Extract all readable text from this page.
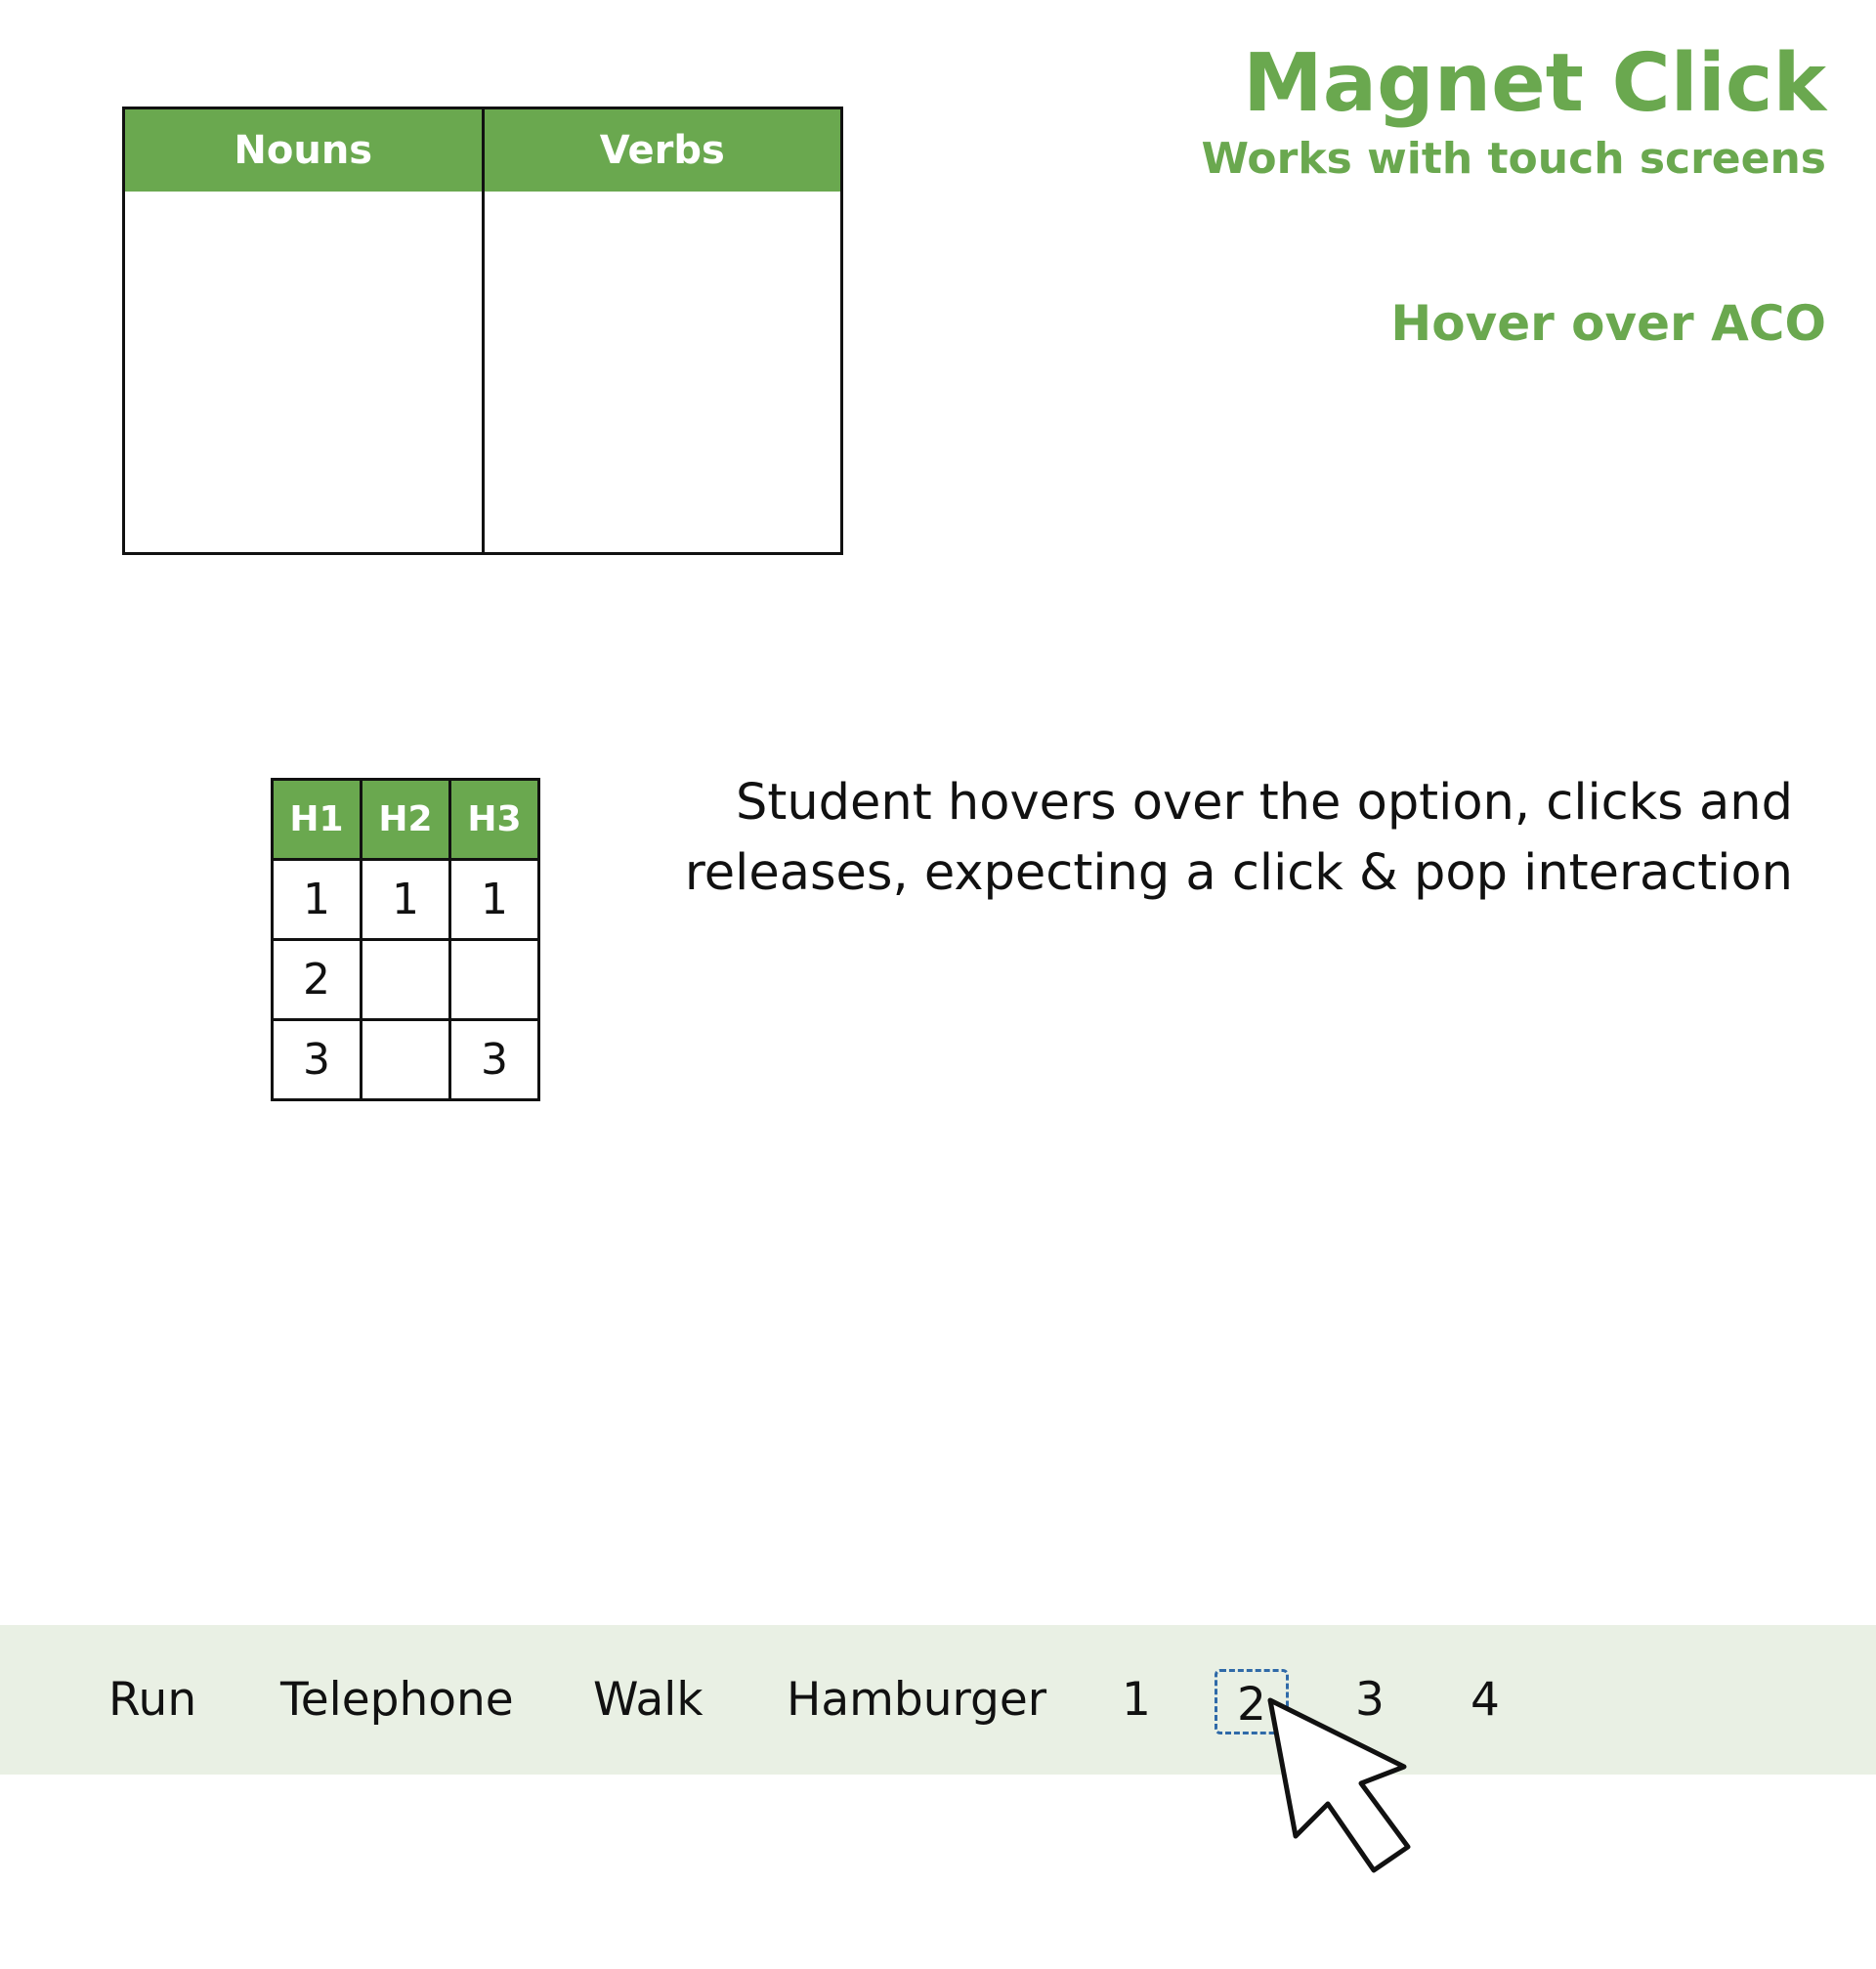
Magnet Click
Works with touch screens
Hover over ACO
Nouns	Verbs
H1	H2	H3
1	1	1
2		
3		3
Student hovers over the option, clicks and releases, expecting a click & pop interaction
Run Telephone Walk Hamburger 1	2	3 4
